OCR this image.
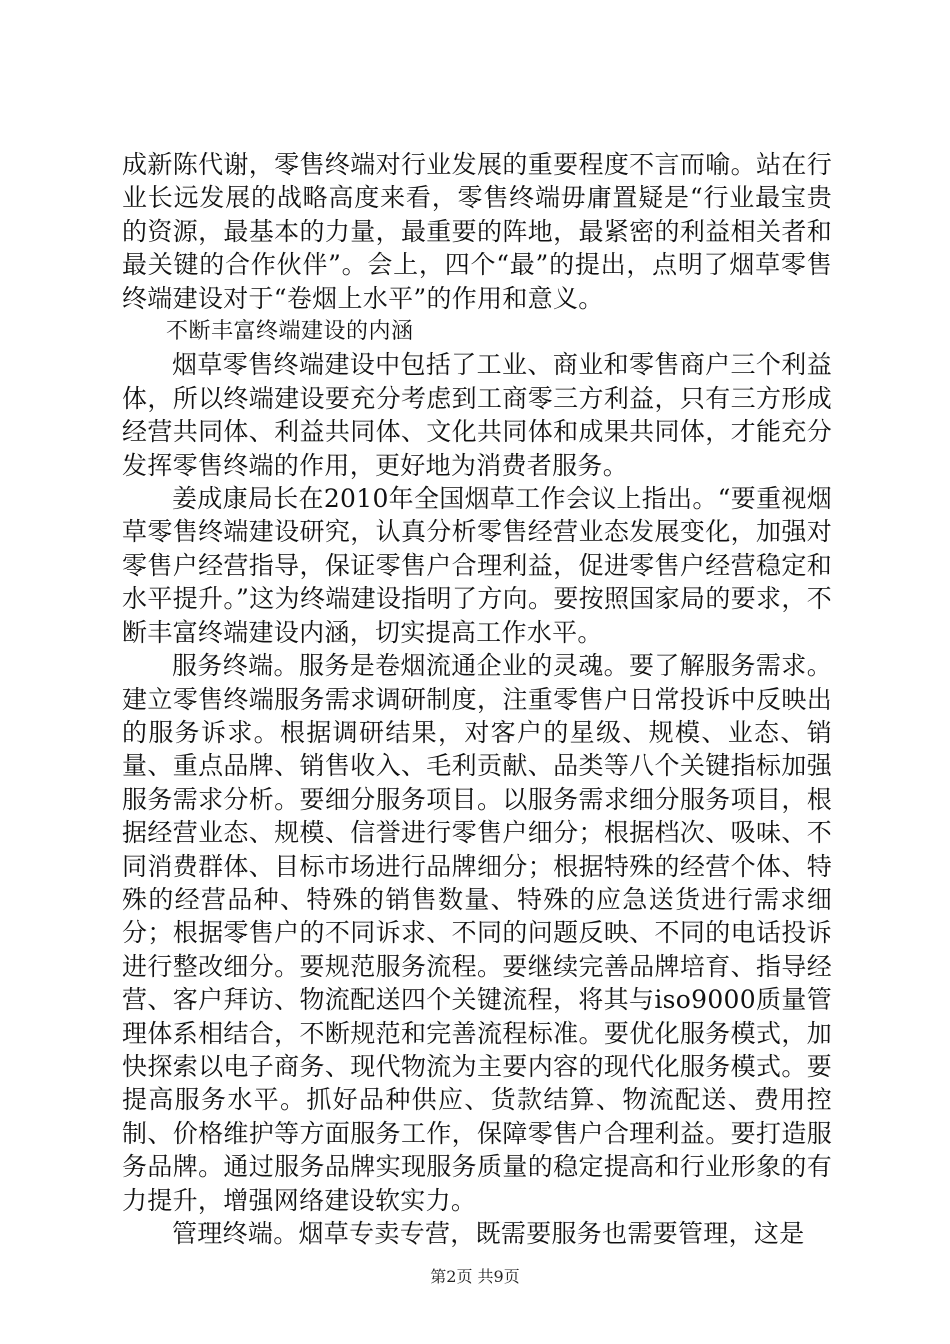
成新陈代谢，零售终端对行业发展的重要程度不言而喻。站在行业长远发展的战略高度来看，零售终端毋庸置疑是“行业最宝贵的资源，最基本的力量，最重要的阵地，最紧密的利益相关者和最关键的合作伙伴”。会上，四个“最”的提出，点明了烟草零售终端建设对于“卷烟上水平”的作用和意义。

不断丰富终端建设的内涵

烟草零售终端建设中包括了工业、商业和零售商户三个利益体，所以终端建设要充分考虑到工商零三方利益，只有三方形成经营共同体、利益共同体、文化共同体和成果共同体，才能充分发挥零售终端的作用，更好地为消费者服务。

姜成康局长在2010年全国烟草工作会议上指出。“要重视烟草零售终端建设研究，认真分析零售经营业态发展变化，加强对零售户经营指导，保证零售户合理利益，促进零售户经营稳定和水平提升。”这为终端建设指明了方向。要按照国家局的要求，不断丰富终端建设内涵，切实提高工作水平。

服务终端。服务是卷烟流通企业的灵魂。要了解服务需求。建立零售终端服务需求调研制度，注重零售户日常投诉中反映出的服务诉求。根据调研结果，对客户的星级、规模、业态、销量、重点品牌、销售收入、毛利贡献、品类等八个关键指标加强服务需求分析。要细分服务项目。以服务需求细分服务项目，根据经营业态、规模、信誉进行零售户细分；根据档次、吸味、不同消费群体、目标市场进行品牌细分；根据特殊的经营个体、特殊的经营品种、特殊的销售数量、特殊的应急送货进行需求细分；根据零售户的不同诉求、不同的问题反映、不同的电话投诉进行整改细分。要规范服务流程。要继续完善品牌培育、指导经营、客户拜访、物流配送四个关键流程，将其与iso9000质量管理体系相结合，不断规范和完善流程标准。要优化服务模式，加快探索以电子商务、现代物流为主要内容的现代化服务模式。要提高服务水平。抓好品种供应、货款结算、物流配送、费用控制、价格维护等方面服务工作，保障零售户合理利益。要打造服务品牌。通过服务品牌实现服务质量的稳定提高和行业形象的有力提升，增强网络建设软实力。

管理终端。烟草专卖专营，既需要服务也需要管理，这是

第2页 共9页
